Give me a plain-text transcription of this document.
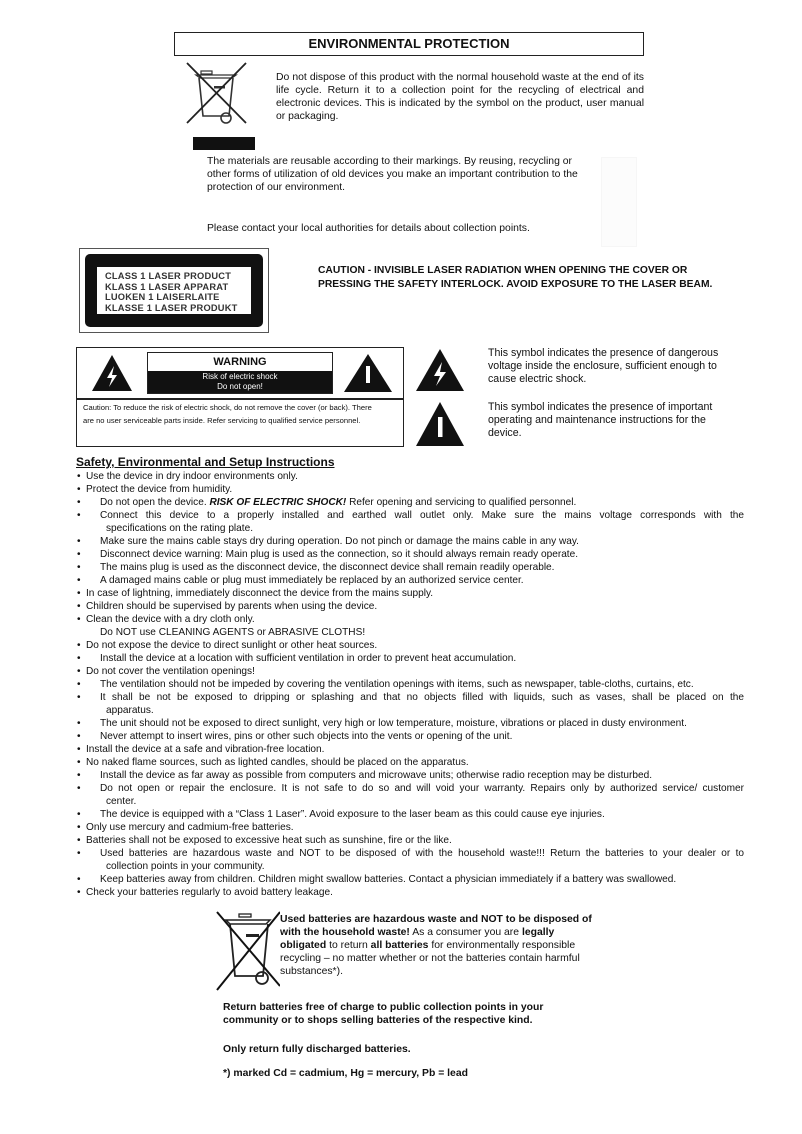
ENVIRONMENTAL PROTECTION
Do not dispose of this product with the normal household waste at the end of its life cycle. Return it to a collection point for the recycling of electrical and electronic devices. This is indicated by the symbol on the product, user manual or packaging.
The materials are reusable according to their markings. By reusing, recycling or other forms of utilization of old devices you make an important contribution to the protection of our environment.
Please contact your local authorities for details about collection points.
CLASS 1 LASER PRODUCT
KLASS 1 LASER APPARAT
LUOKEN 1 LAISERLAITE
KLASSE 1 LASER PRODUKT
CAUTION - INVISIBLE LASER RADIATION WHEN OPENING THE COVER OR
PRESSING THE SAFETY INTERLOCK. AVOID EXPOSURE TO THE LASER BEAM.
WARNING
Risk of electric shock
Do not open!
Caution: To reduce the risk of electric shock, do not remove the cover (or back). There
are no user serviceable parts inside. Refer servicing to qualified service personnel.
This symbol indicates the presence of dangerous voltage inside the enclosure, sufficient enough to cause electric shock.
This symbol indicates the presence of important operating and maintenance instructions for the device.
Safety, Environmental and Setup Instructions
• Use the device in dry indoor environments only.
• Protect the device from humidity.
• Do not open the device. RISK OF ELECTRIC SHOCK! Refer opening and servicing to qualified personnel.
• Connect this device to a properly installed and earthed wall outlet only. Make sure the mains voltage corresponds with the
specifications on the rating plate.
• Make sure the mains cable stays dry during operation. Do not pinch or damage the mains cable in any way.
• Disconnect device warning: Main plug is used as the connection, so it should always remain ready operate.
• The mains plug is used as the disconnect device, the disconnect device shall remain readily operable.
• A damaged mains cable or plug must immediately be replaced by an authorized service center.
• In case of lightning, immediately disconnect the device from the mains supply.
• Children should be supervised by parents when using the device.
• Clean the device with a dry cloth only.
Do NOT use CLEANING AGENTS or ABRASIVE CLOTHS!
• Do not expose the device to direct sunlight or other heat sources.
• Install the device at a location with sufficient ventilation in order to prevent heat accumulation.
• Do not cover the ventilation openings!
• The ventilation should not be impeded by covering the ventilation openings with items, such as newspaper, table-cloths, curtains, etc.
• It shall be not be exposed to dripping or splashing and that no objects filled with liquids, such as vases, shall be placed on the
apparatus.
• The unit should not be exposed to direct sunlight, very high or low temperature, moisture, vibrations or placed in dusty environment.
• Never attempt to insert wires, pins or other such objects into the vents or opening of the unit.
• Install the device at a safe and vibration-free location.
• No naked flame sources, such as lighted candles, should be placed on the apparatus.
• Install the device as far away as possible from computers and microwave units; otherwise radio reception may be disturbed.
• Do not open or repair the enclosure. It is not safe to do so and will void your warranty. Repairs only by authorized service/ customer
center.
• The device is equipped with a “Class 1 Laser”. Avoid exposure to the laser beam as this could cause eye injuries.
• Only use mercury and cadmium-free batteries.
• Batteries shall not be exposed to excessive heat such as sunshine, fire or the like.
• Used batteries are hazardous waste and NOT to be disposed of with the household waste!!! Return the batteries to your dealer or to
collection points in your community.
• Keep batteries away from children. Children might swallow batteries. Contact a physician immediately if a battery was swallowed.
• Check your batteries regularly to avoid battery leakage.
Used batteries are hazardous waste and NOT to be disposed of with the household waste! As a consumer you are legally obligated to return all batteries for environmentally responsible recycling – no matter whether or not the batteries contain harmful substances*).
Return batteries free of charge to public collection points in your community or to shops selling batteries of the respective kind.
Only return fully discharged batteries.
*) marked Cd = cadmium, Hg = mercury, Pb = lead
